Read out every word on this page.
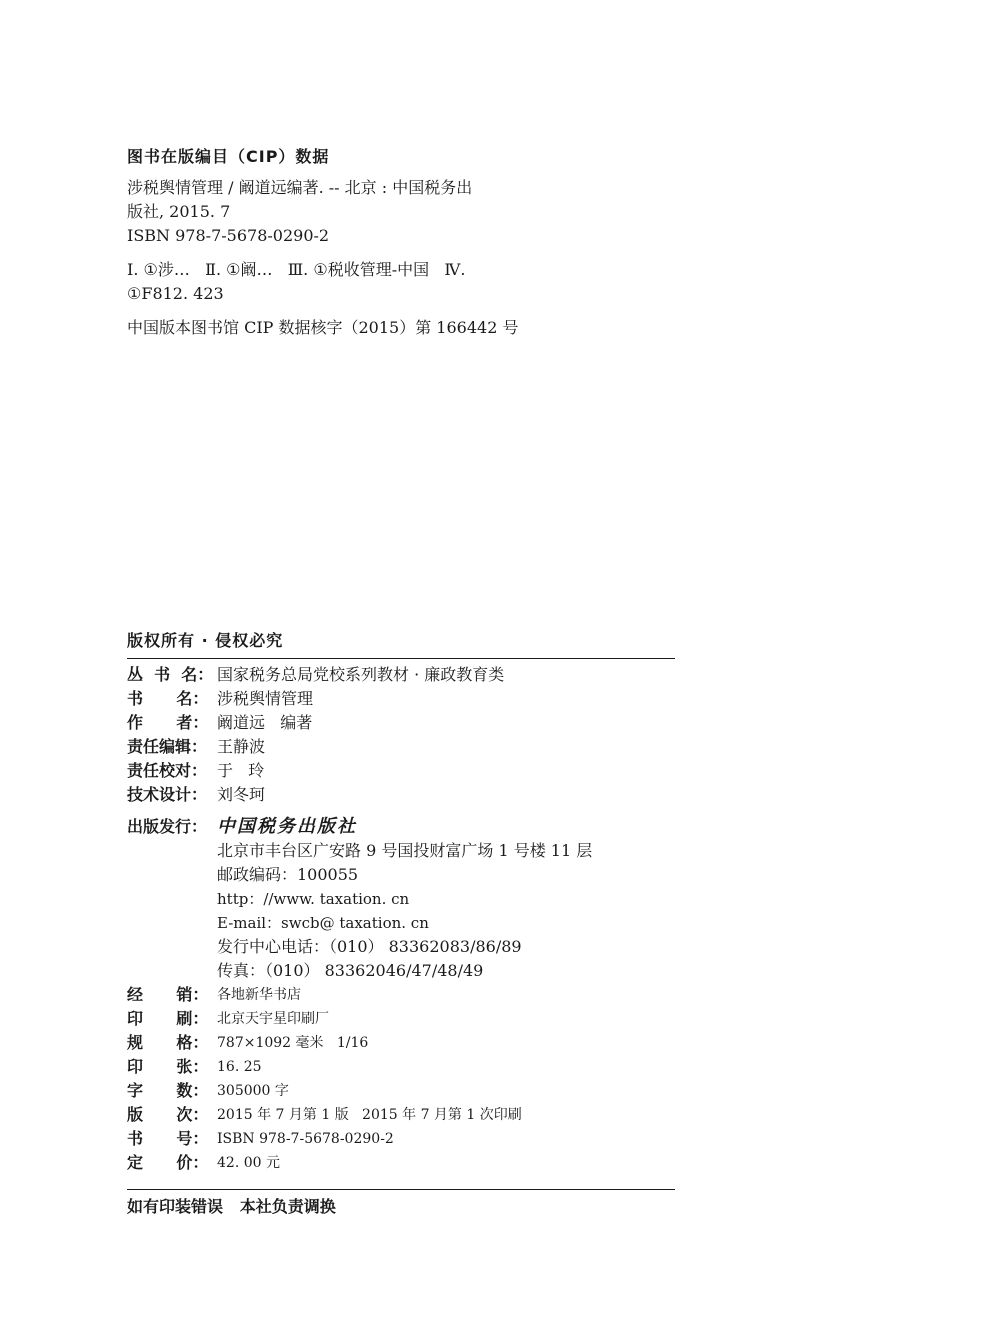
图书在版编目（CIP）数据

涉税舆情管理 / 阚道远编著. -- 北京 : 中国税务出

版社, 2015. 7

ISBN 978-7-5678-0290-2

Ⅰ. ①涉…   Ⅱ. ①阚…   Ⅲ. ①税收管理-中国   Ⅳ.

①F812. 423

中国版本图书馆 CIP 数据核字（2015）第 166442 号

版权所有 · 侵权必究

丛  书  名： 国家税务总局党校系列教材 · 廉政教育类
书      名： 涉税舆情管理
作      者： 阚道远   编著
责任编辑： 王静波
责任校对： 于   玲
技术设计： 刘冬珂
出版发行： 中国税务出版社
北京市丰台区广安路 9 号国投财富广场 1 号楼 11 层
邮政编码：100055
http：//www. taxation. cn
E-mail：swcb@ taxation. cn
发行中心电话：（010） 83362083/86/89
传真：（010） 83362046/47/48/49
经      销： 各地新华书店
印      刷： 北京天宇星印刷厂
规      格： 787×1092 毫米   1/16
印      张： 16. 25
字      数： 305000 字
版      次： 2015 年 7 月第 1 版   2015 年 7 月第 1 次印刷
书      号： ISBN 978-7-5678-0290-2
定      价： 42. 00 元
如有印装错误   本社负责调换
